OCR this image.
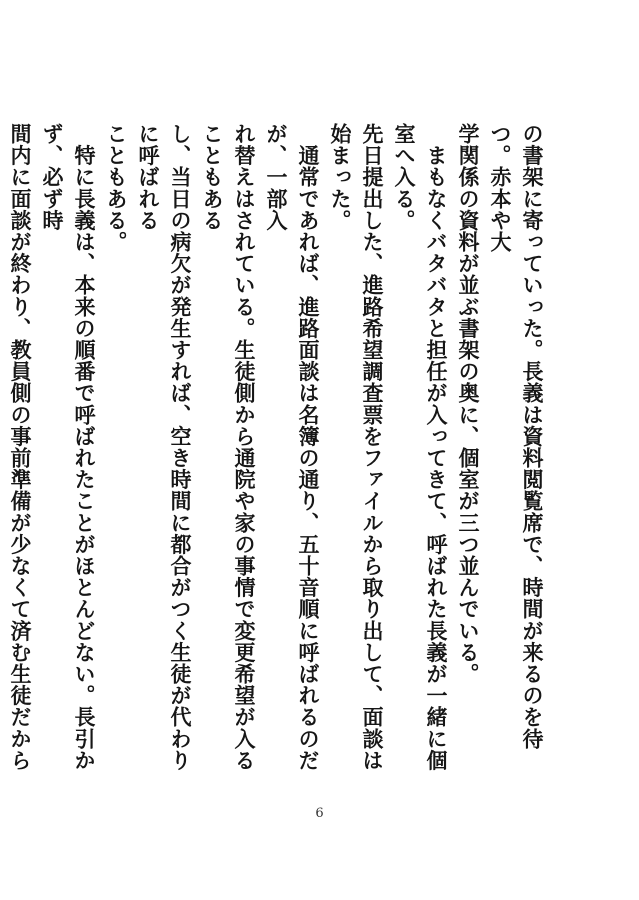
の書架に寄っていった。長義は資料閲覧席で、時間が来るのを待つ。赤本や大

学関係の資料が並ぶ書架の奥に、個室が三つ並んでいる。

　まもなくバタバタと担任が入ってきて、呼ばれた長義が一緒に個室へ入る。

先日提出した、進路希望調査票をファイルから取り出して、面談は始まった。

　通常であれば、進路面談は名簿の通り、五十音順に呼ばれるのだが、一部入

れ替えはされている。生徒側から通院や家の事情で変更希望が入ることもある

し、当日の病欠が発生すれば、空き時間に都合がつく生徒が代わりに呼ばれる

こともある。

　特に長義は、本来の順番で呼ばれたことがほとんどない。長引かず、必ず時

間内に面談が終わり、教員側の事前準備が少なくて済む生徒だから

6
